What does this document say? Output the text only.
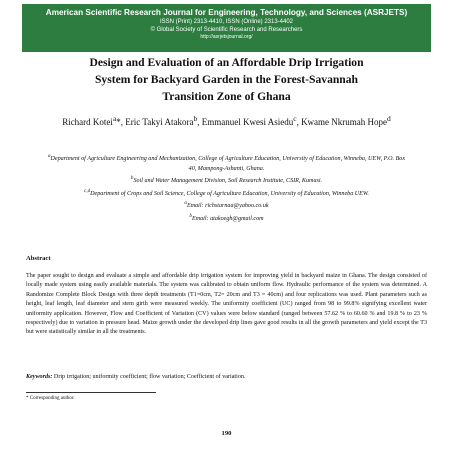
American Scientific Research Journal for Engineering, Technology, and Sciences (ASRJETS)
ISSN (Print) 2313-4410, ISSN (Online) 2313-4402
© Global Society of Scientific Research and Researchers
http://asrjetsjournal.org/
Design and Evaluation of an Affordable Drip Irrigation
System for Backyard Garden in the Forest-Savannah
Transition Zone of Ghana
Richard Kotei$^a$*, Eric Takyi Atakora$^b$, Emmanuel Kwesi Asiedu$^c$, Kwame Nkrumah Hope$^d$

$^a$Department of Agriculture Engineering and Mechanization, College of Agriculture Education, University of Education, Winneba, UEW, P.O. Box 40, Mampong-Ashanti, Ghana.

$^b$Soil and Water Management Division, Soil Research Institute, CSIR, Kumasi.

$^{c,d}$Department of Crops and Soil Science, College of Agriculture Education, University of Education, Winneba UEW.

$^a$Email: richstarnaa@yahoo.co.uk

$^b$Email: atakoegh@gmail.com

Abstract

The paper sought to design and evaluate a simple and affordable drip irrigation system for improving yield in backyard maize in Ghana. The design consisted of locally made system using easily available materials. The system was calibrated to obtain uniform flow. Hydraulic performance of the system was determined. A Randomize Complete Block Design with three depth treatments (T1=0cm, T2= 20cm and T3 = 40cm) and four replications was used. Plant parameters such as height, leaf length, leaf diameter and stem girth were measured weekly. The uniformity coefficient (UC) ranged from 98 to 99.8% signifying excellent water uniformity application. However, Flow and Coefficient of Variation (CV) values were below standard (ranged between 57.62 % to 60.60 % and 19.8 % to 23 % respectively) due to variation in pressure head. Maize growth under the developed drip lines gave good results in all the growth parameters and yield except the T3 but were statistically similar in all the treatments.

Keywords: Drip irrigation; uniformity coefficient; flow variation; Coefficient of variation.

* Corresponding author.
190
